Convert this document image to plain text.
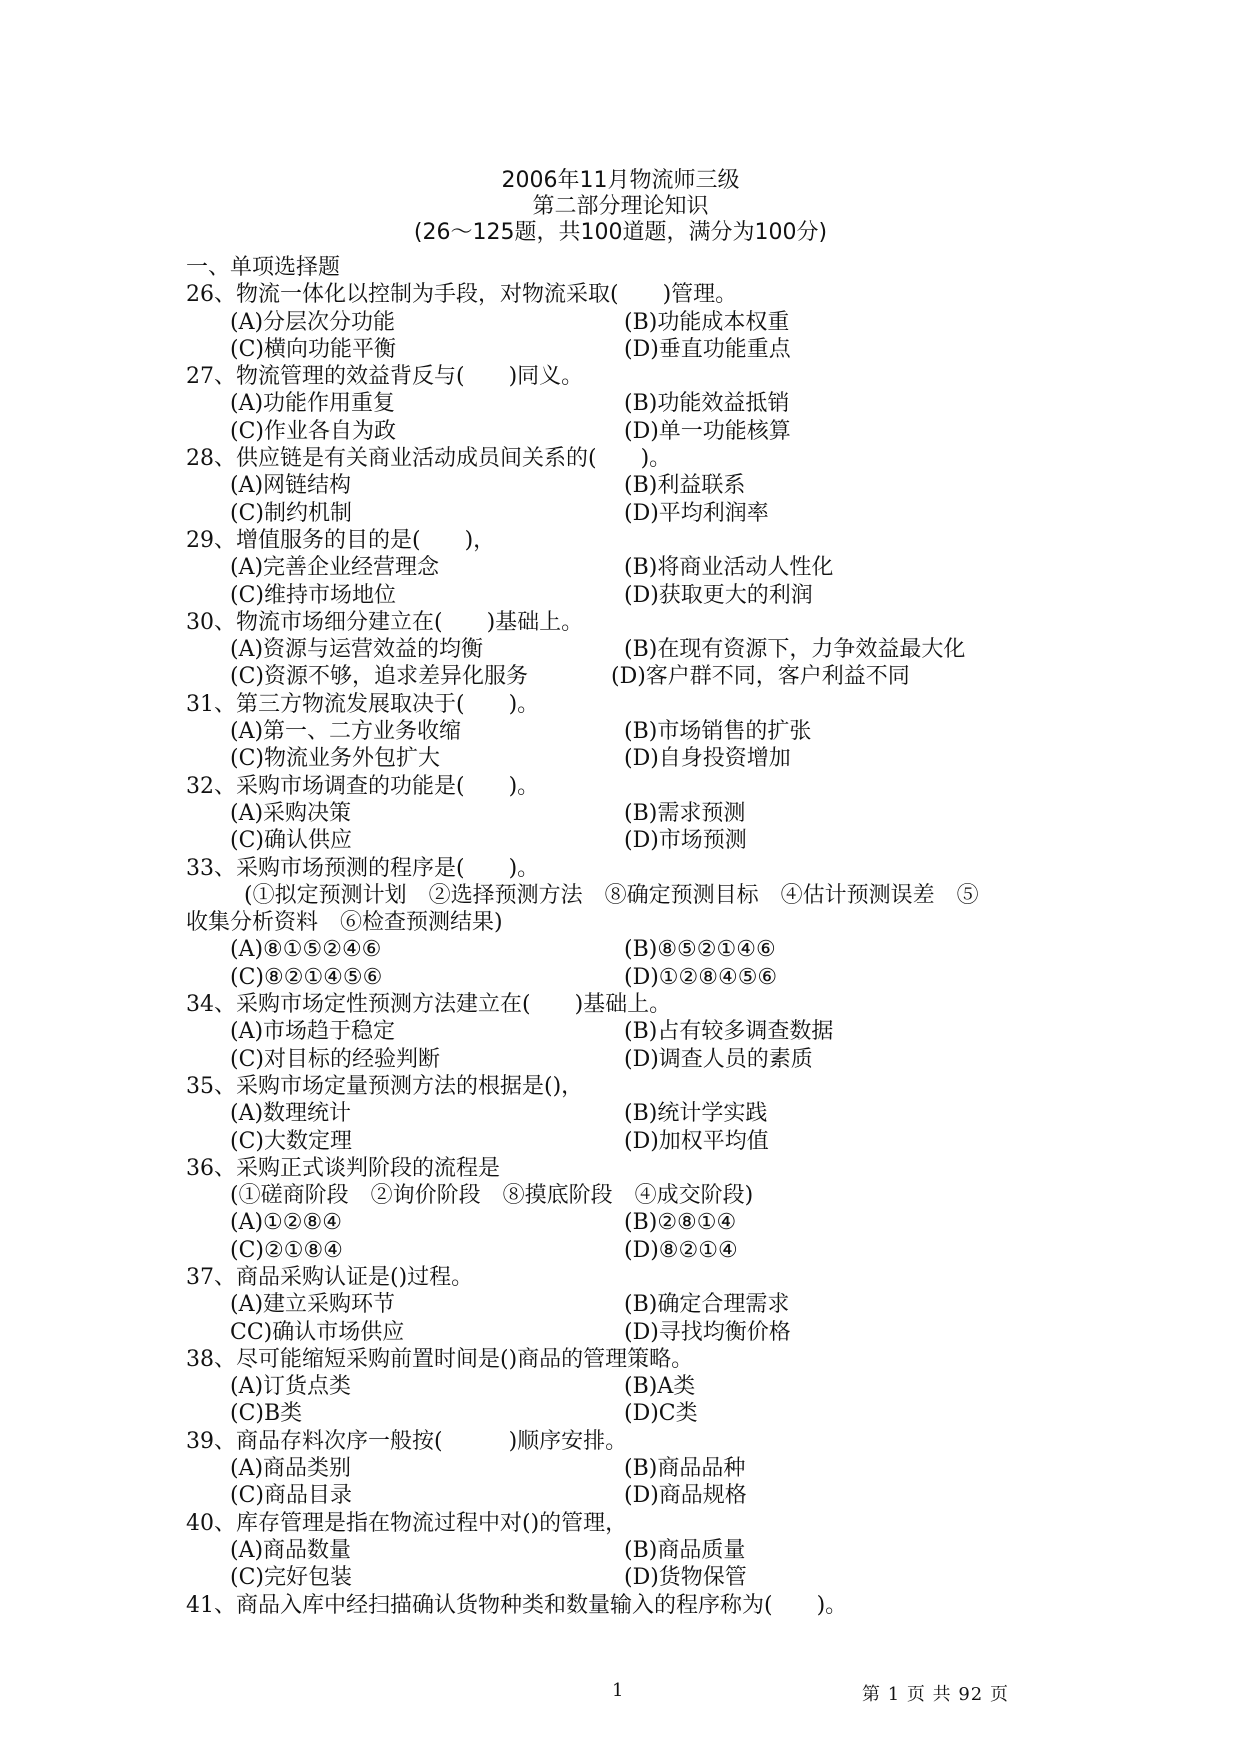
2006年11月物流师三级
第二部分理论知识
(26～125题，共100道题，满分为100分)
一、单项选择题
26、物流一体化以控制为手段，对物流采取(　　)管理。
(A)分层次分功能	(B)功能成本权重
(C)横向功能平衡	(D)垂直功能重点
27、物流管理的效益背反与(　　)同义。
(A)功能作用重复	(B)功能效益抵销
(C)作业各自为政	(D)单一功能核算
28、供应链是有关商业活动成员间关系的(　　)。
(A)网链结构	(B)利益联系
(C)制约机制	(D)平均利润率
29、增值服务的目的是(　　)，
(A)完善企业经营理念	(B)将商业活动人性化
(C)维持市场地位	(D)获取更大的利润
30、物流市场细分建立在(　　)基础上。
(A)资源与运营效益的均衡	(B)在现有资源下，力争效益最大化
(C)资源不够，追求差异化服务	(D)客户群不同，客户利益不同
31、第三方物流发展取决于(　　)。
(A)第一、二方业务收缩	(B)市场销售的扩张
(C)物流业务外包扩大	(D)自身投资增加
32、采购市场调查的功能是(　　)。
(A)采购决策	(B)需求预测
(C)确认供应	(D)市场预测
33、采购市场预测的程序是(　　)。
(①拟定预测计划　②选择预测方法　⑧确定预测目标　④估计预测误差　⑤
收集分析资料　⑥检查预测结果)
(A)⑧①⑤②④⑥	(B)⑧⑤②①④⑥
(C)⑧②①④⑤⑥	(D)①②⑧④⑤⑥
34、采购市场定性预测方法建立在(　　)基础上。
(A)市场趋于稳定	(B)占有较多调查数据
(C)对目标的经验判断	(D)调查人员的素质
35、采购市场定量预测方法的根据是()，
(A)数理统计	(B)统计学实践
(C)大数定理	(D)加权平均值
36、采购正式谈判阶段的流程是
(①磋商阶段　②询价阶段　⑧摸底阶段　④成交阶段)
(A)①②⑧④	(B)②⑧①④
(C)②①⑧④	(D)⑧②①④
37、商品采购认证是()过程。
(A)建立采购环节	(B)确定合理需求
CC)确认市场供应	(D)寻找均衡价格
38、尽可能缩短采购前置时间是()商品的管理策略。
(A)订货点类	(B)A类
(C)B类	(D)C类
39、商品存料次序一般按(　　　)顺序安排。
(A)商品类别	(B)商品品种
(C)商品目录	(D)商品规格
40、库存管理是指在物流过程中对()的管理，
(A)商品数量	(B)商品质量
(C)完好包装	(D)货物保管
41、商品入库中经扫描确认货物种类和数量输入的程序称为(　　)。
1	第 1 页 共 92 页
